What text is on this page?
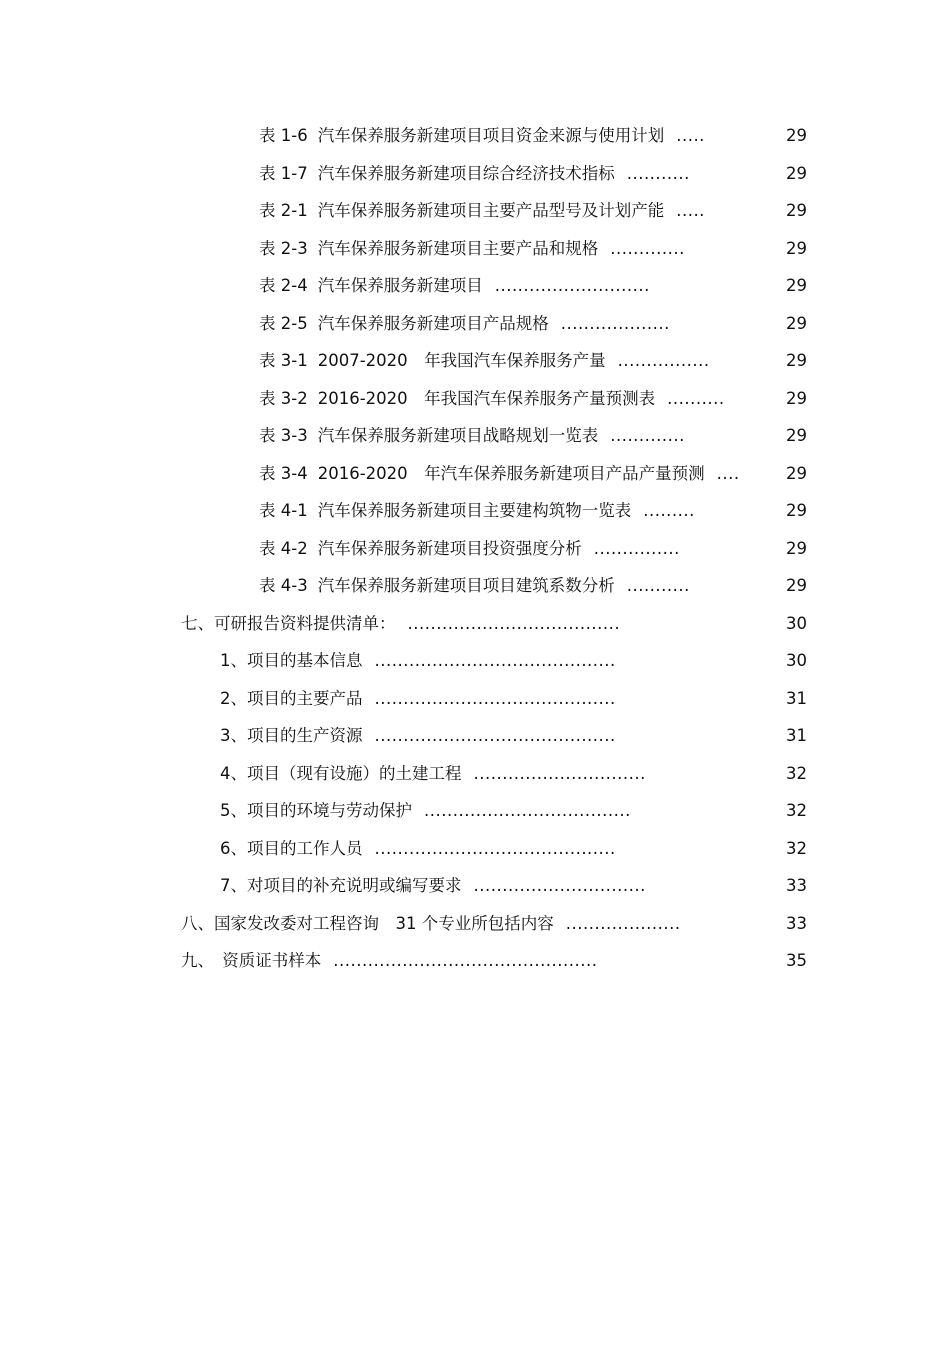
表 1-6 汽车保养服务新建项目项目资金来源与使用计划 .....	29
表 1-7 汽车保养服务新建项目综合经济技术指标 ...........	29
表 2-1 汽车保养服务新建项目主要产品型号及计划产能 .....	29
表 2-3 汽车保养服务新建项目主要产品和规格 .............	29
表 2-4 汽车保养服务新建项目 ...........................	29
表 2-5 汽车保养服务新建项目产品规格 ...................	29
表 3-1 2007-2020　年我国汽车保养服务产量 ................	29
表 3-2 2016-2020　年我国汽车保养服务产量预测表 ..........	29
表 3-3 汽车保养服务新建项目战略规划一览表 .............	29
表 3-4 2016-2020　年汽车保养服务新建项目产品产量预测 ....	29
表 4-1 汽车保养服务新建项目主要建构筑物一览表 .........	29
表 4-2 汽车保养服务新建项目投资强度分析 ...............	29
表 4-3 汽车保养服务新建项目项目建筑系数分析 ...........	29
七、可研报告资料提供清单： .....................................	30
1、项目的基本信息 ..........................................	30
2、项目的主要产品 ..........................................	31
3、项目的生产资源 ..........................................	31
4、项目（现有设施）的土建工程 ..............................	32
5、项目的环境与劳动保护 ....................................	32
6、项目的工作人员 ..........................................	32
7、对项目的补充说明或编写要求 ..............................	33
八、国家发改委对工程咨询　31 个专业所包括内容 ....................	33
九、　资质证书样本 ..............................................	35
